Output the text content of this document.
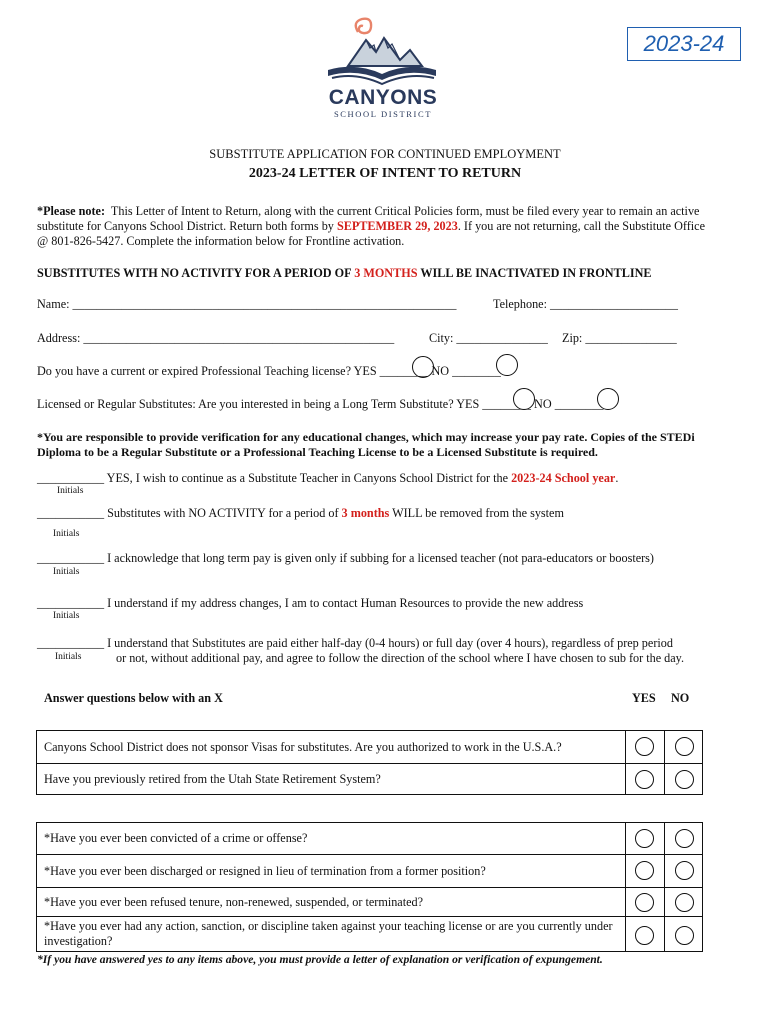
CANYONS
SCHOOL DISTRICT
2023-24
SUBSTITUTE APPLICATION FOR CONTINUED EMPLOYMENT
2023-24 LETTER OF INTENT TO RETURN
*Please note: This Letter of Intent to Return, along with the current Critical Policies form, must be filed every year to remain an active
substitute for Canyons School District. Return both forms by SEPTEMBER 29, 2023. If you are not returning, call the Substitute Office
@ 801-826-5427. Complete the information below for Frontline activation.
SUBSTITUTES WITH NO ACTIVITY FOR A PERIOD OF 3 MONTHS WILL BE INACTIVATED IN FRONTLINE
Name: _______________________________________________________________	Telephone: _____________________
Address: ___________________________________________________	City: _______________ Zip: _______________
Do you have a current or expired Professional Teaching license? YES ________ NO ________
Licensed or Regular Substitutes: Are you interested in being a Long Term Substitute? YES ________ NO ________
*You are responsible to provide verification for any educational changes, which may increase your pay rate. Copies of the STEDi
Diploma to be a Regular Substitute or a Professional Teaching License to be a Licensed Substitute is required.
___________ YES, I wish to continue as a Substitute Teacher in Canyons School District for the 2023-24 School year.
Initials
___________ Substitutes with NO ACTIVITY for a period of 3 months WILL be removed from the system
Initials
___________ I acknowledge that long term pay is given only if subbing for a licensed teacher (not para-educators or boosters)
Initials
___________ I understand if my address changes, I am to contact Human Resources to provide the new address
Initials
___________ I understand that Substitutes are paid either half-day (0-4 hours) or full day (over 4 hours), regardless of prep period
Initials	or not, without additional pay, and agree to follow the direction of the school where I have chosen to sub for the day.
Answer questions below with an X	YES NO
Canyons School District does not sponsor Visas for substitutes. Are you authorized to work in the U.S.A.?
Have you previously retired from the Utah State Retirement System?
*Have you ever been convicted of a crime or offense?
*Have you ever been discharged or resigned in lieu of termination from a former position?
*Have you ever been refused tenure, non-renewed, suspended, or terminated?
*Have you ever had any action, sanction, or discipline taken against your teaching license or are you currently under investigation?
*If you have answered yes to any items above, you must provide a letter of explanation or verification of expungement.
